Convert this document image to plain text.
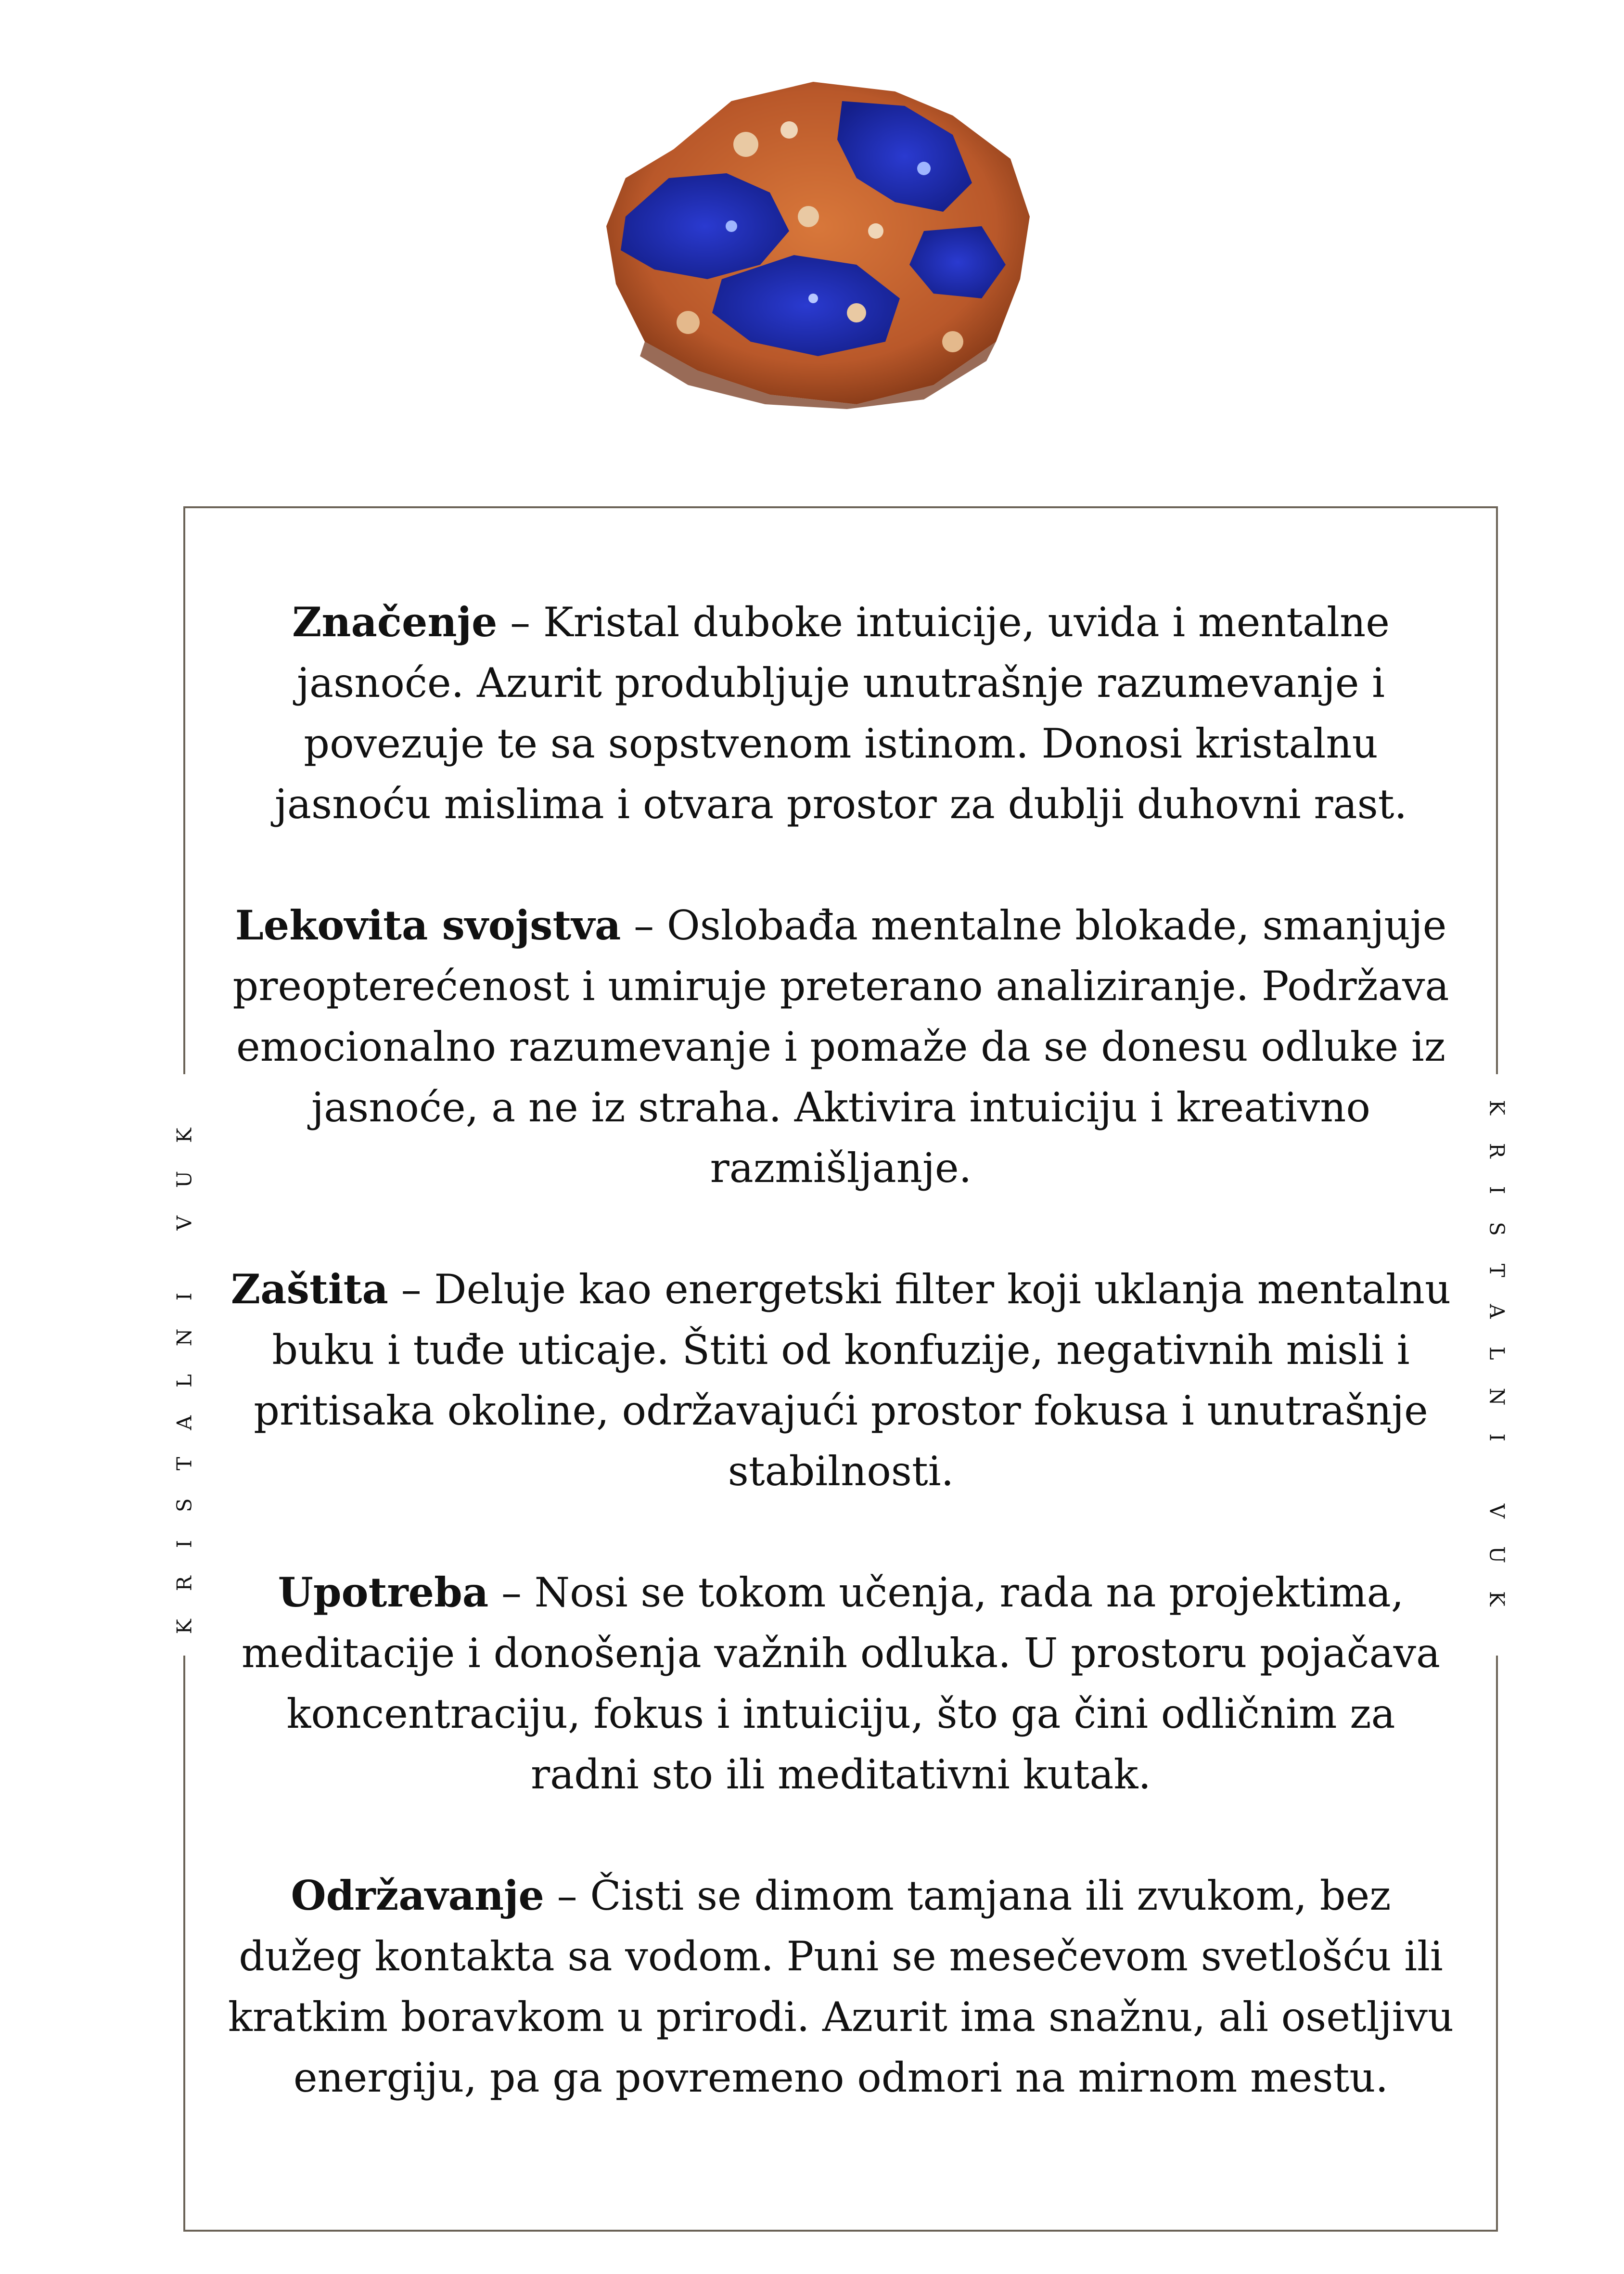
KRISTALNI VUK	KRISTALNI VUK

Značenje – Kristal duboke intuicije, uvida i mentalne jasnoće. Azurit produbljuje unutrašnje razumevanje i povezuje te sa sopstvenom istinom. Donosi kristalnu jasnoću mislima i otvara prostor za dublji duhovni rast.

Lekovita svojstva – Oslobađa mentalne blokade, smanjuje preopterećenost i umiruje preterano analiziranje. Podržava emocionalno razumevanje i pomaže da se donesu odluke iz jasnoće, a ne iz straha. Aktivira intuiciju i kreativno razmišljanje.

Zaštita – Deluje kao energetski filter koji uklanja mentalnu buku i tuđe uticaje. Štiti od konfuzije, negativnih misli i pritisaka okoline, održavajući prostor fokusa i unutrašnje stabilnosti.

Upotreba – Nosi se tokom učenja, rada na projektima, meditacije i donošenja važnih odluka. U prostoru pojačava koncentraciju, fokus i intuiciju, što ga čini odličnim za radni sto ili meditativni kutak.

Održavanje – Čisti se dimom tamjana ili zvukom, bez dužeg kontakta sa vodom. Puni se mesečevom svetlošću ili kratkim boravkom u prirodi. Azurit ima snažnu, ali osetljivu energiju, pa ga povremeno odmori na mirnom mestu.
